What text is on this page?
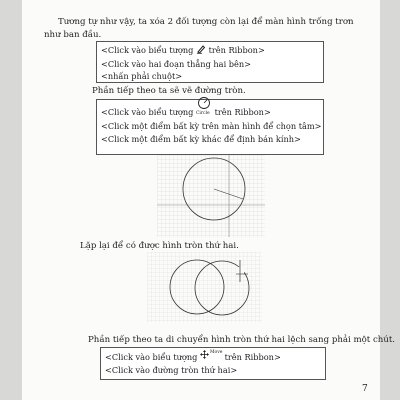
Tương tự như vậy, ta xóa 2 đối tượng còn lại để màn hình trống trơn
như ban đầu.
<Click vào biểu tượng trên Ribbon>
<Click vào hai đoạn thẳng hai bên>
<nhấn phải chuột>
Phần tiếp theo ta sẽ vẽ đường tròn.
<Click vào biểu tượng Circle trên Ribbon>
<Click một điểm bất kỳ trên màn hình để chọn tâm>
<Click một điểm bất kỳ khác để định bán kính>
Lặp lại để có được hình tròn thứ hai.
Phần tiếp theo ta di chuyển hình tròn thứ hai lệch sang phải một chút.
<Click vào biểu tượng	Move trên Ribbon>
<Click vào đường tròn thứ hai>
7
